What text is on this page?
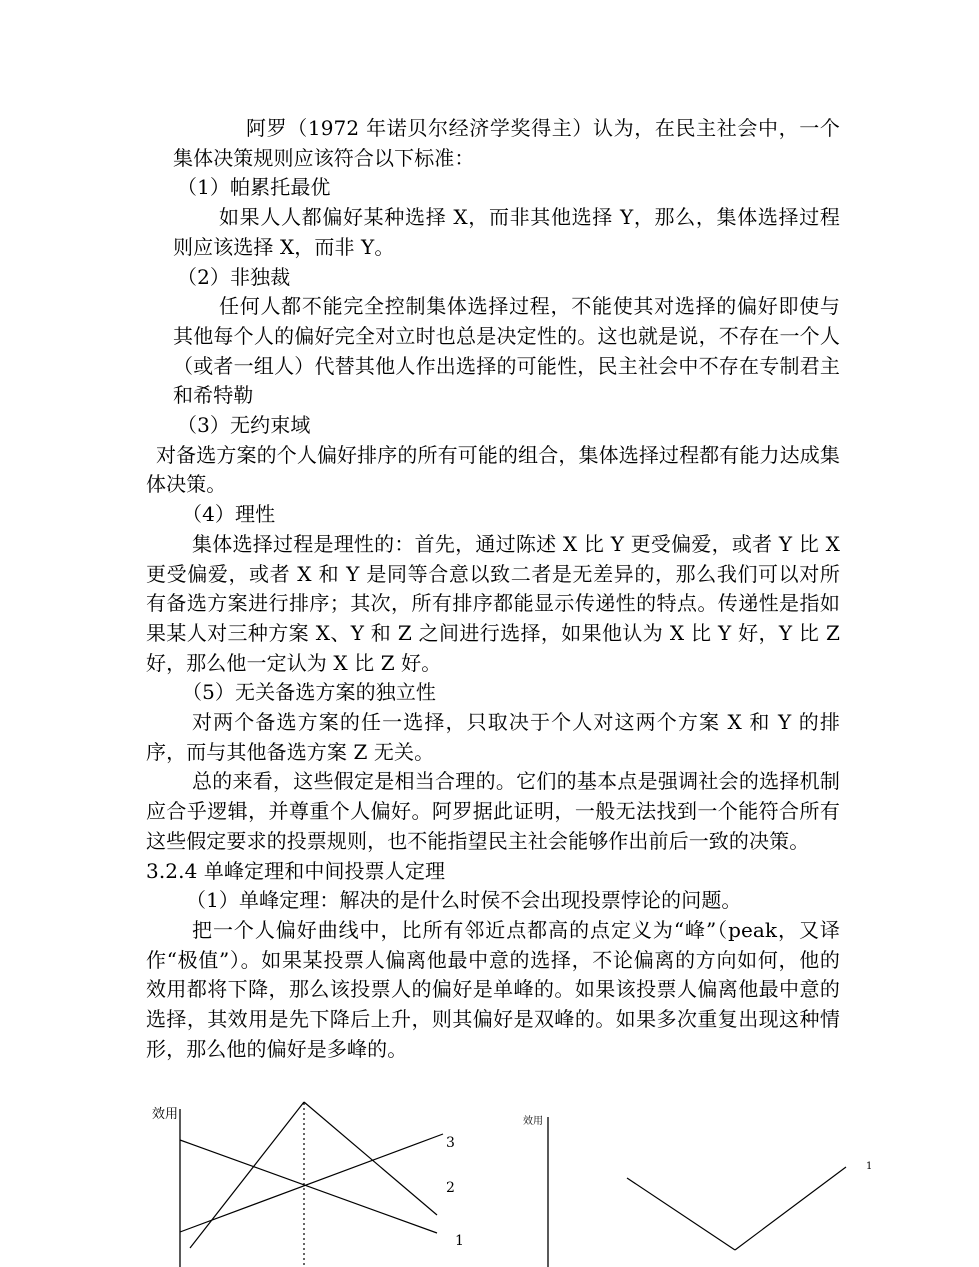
阿罗（1972 年诺贝尔经济学奖得主）认为，在民主社会中，一个集体决策规则应该符合以下标准：

（1）帕累托最优

如果人人都偏好某种选择 X，而非其他选择 Y，那么，集体选择过程则应该选择 X，而非 Y。

（2）非独裁

任何人都不能完全控制集体选择过程，不能使其对选择的偏好即使与其他每个人的偏好完全对立时也总是决定性的。这也就是说，不存在一个人（或者一组人）代替其他人作出选择的可能性，民主社会中不存在专制君主和希特勒

（3）无约束域

对备选方案的个人偏好排序的所有可能的组合，集体选择过程都有能力达成集体决策。

（4）理性

集体选择过程是理性的：首先，通过陈述 X 比 Y 更受偏爱，或者 Y 比 X 更受偏爱，或者 X 和 Y 是同等合意以致二者是无差异的，那么我们可以对所有备选方案进行排序；其次，所有排序都能显示传递性的特点。传递性是指如果某人对三种方案 X、Y 和 Z 之间进行选择，如果他认为 X 比 Y 好，Y 比 Z 好，那么他一定认为 X 比 Z 好。

（5）无关备选方案的独立性

对两个备选方案的任一选择，只取决于个人对这两个方案 X 和 Y 的排序，而与其他备选方案 Z 无关。

总的来看，这些假定是相当合理的。它们的基本点是强调社会的选择机制应合乎逻辑，并尊重个人偏好。阿罗据此证明，一般无法找到一个能符合所有这些假定要求的投票规则，也不能指望民主社会能够作出前后一致的决策。

3.2.4 单峰定理和中间投票人定理

（1）单峰定理：解决的是什么时侯不会出现投票悖论的问题。

把一个人偏好曲线中，比所有邻近点都高的点定义为“峰”（peak，又译作“极值”）。如果某投票人偏离他最中意的选择，不论偏离的方向如何，他的效用都将下降，那么该投票人的偏好是单峰的。如果该投票人偏离他最中意的选择，其效用是先下降后上升，则其偏好是双峰的。如果多次重复出现这种情形，那么他的偏好是多峰的。

效用
3
2
1
效用
1
